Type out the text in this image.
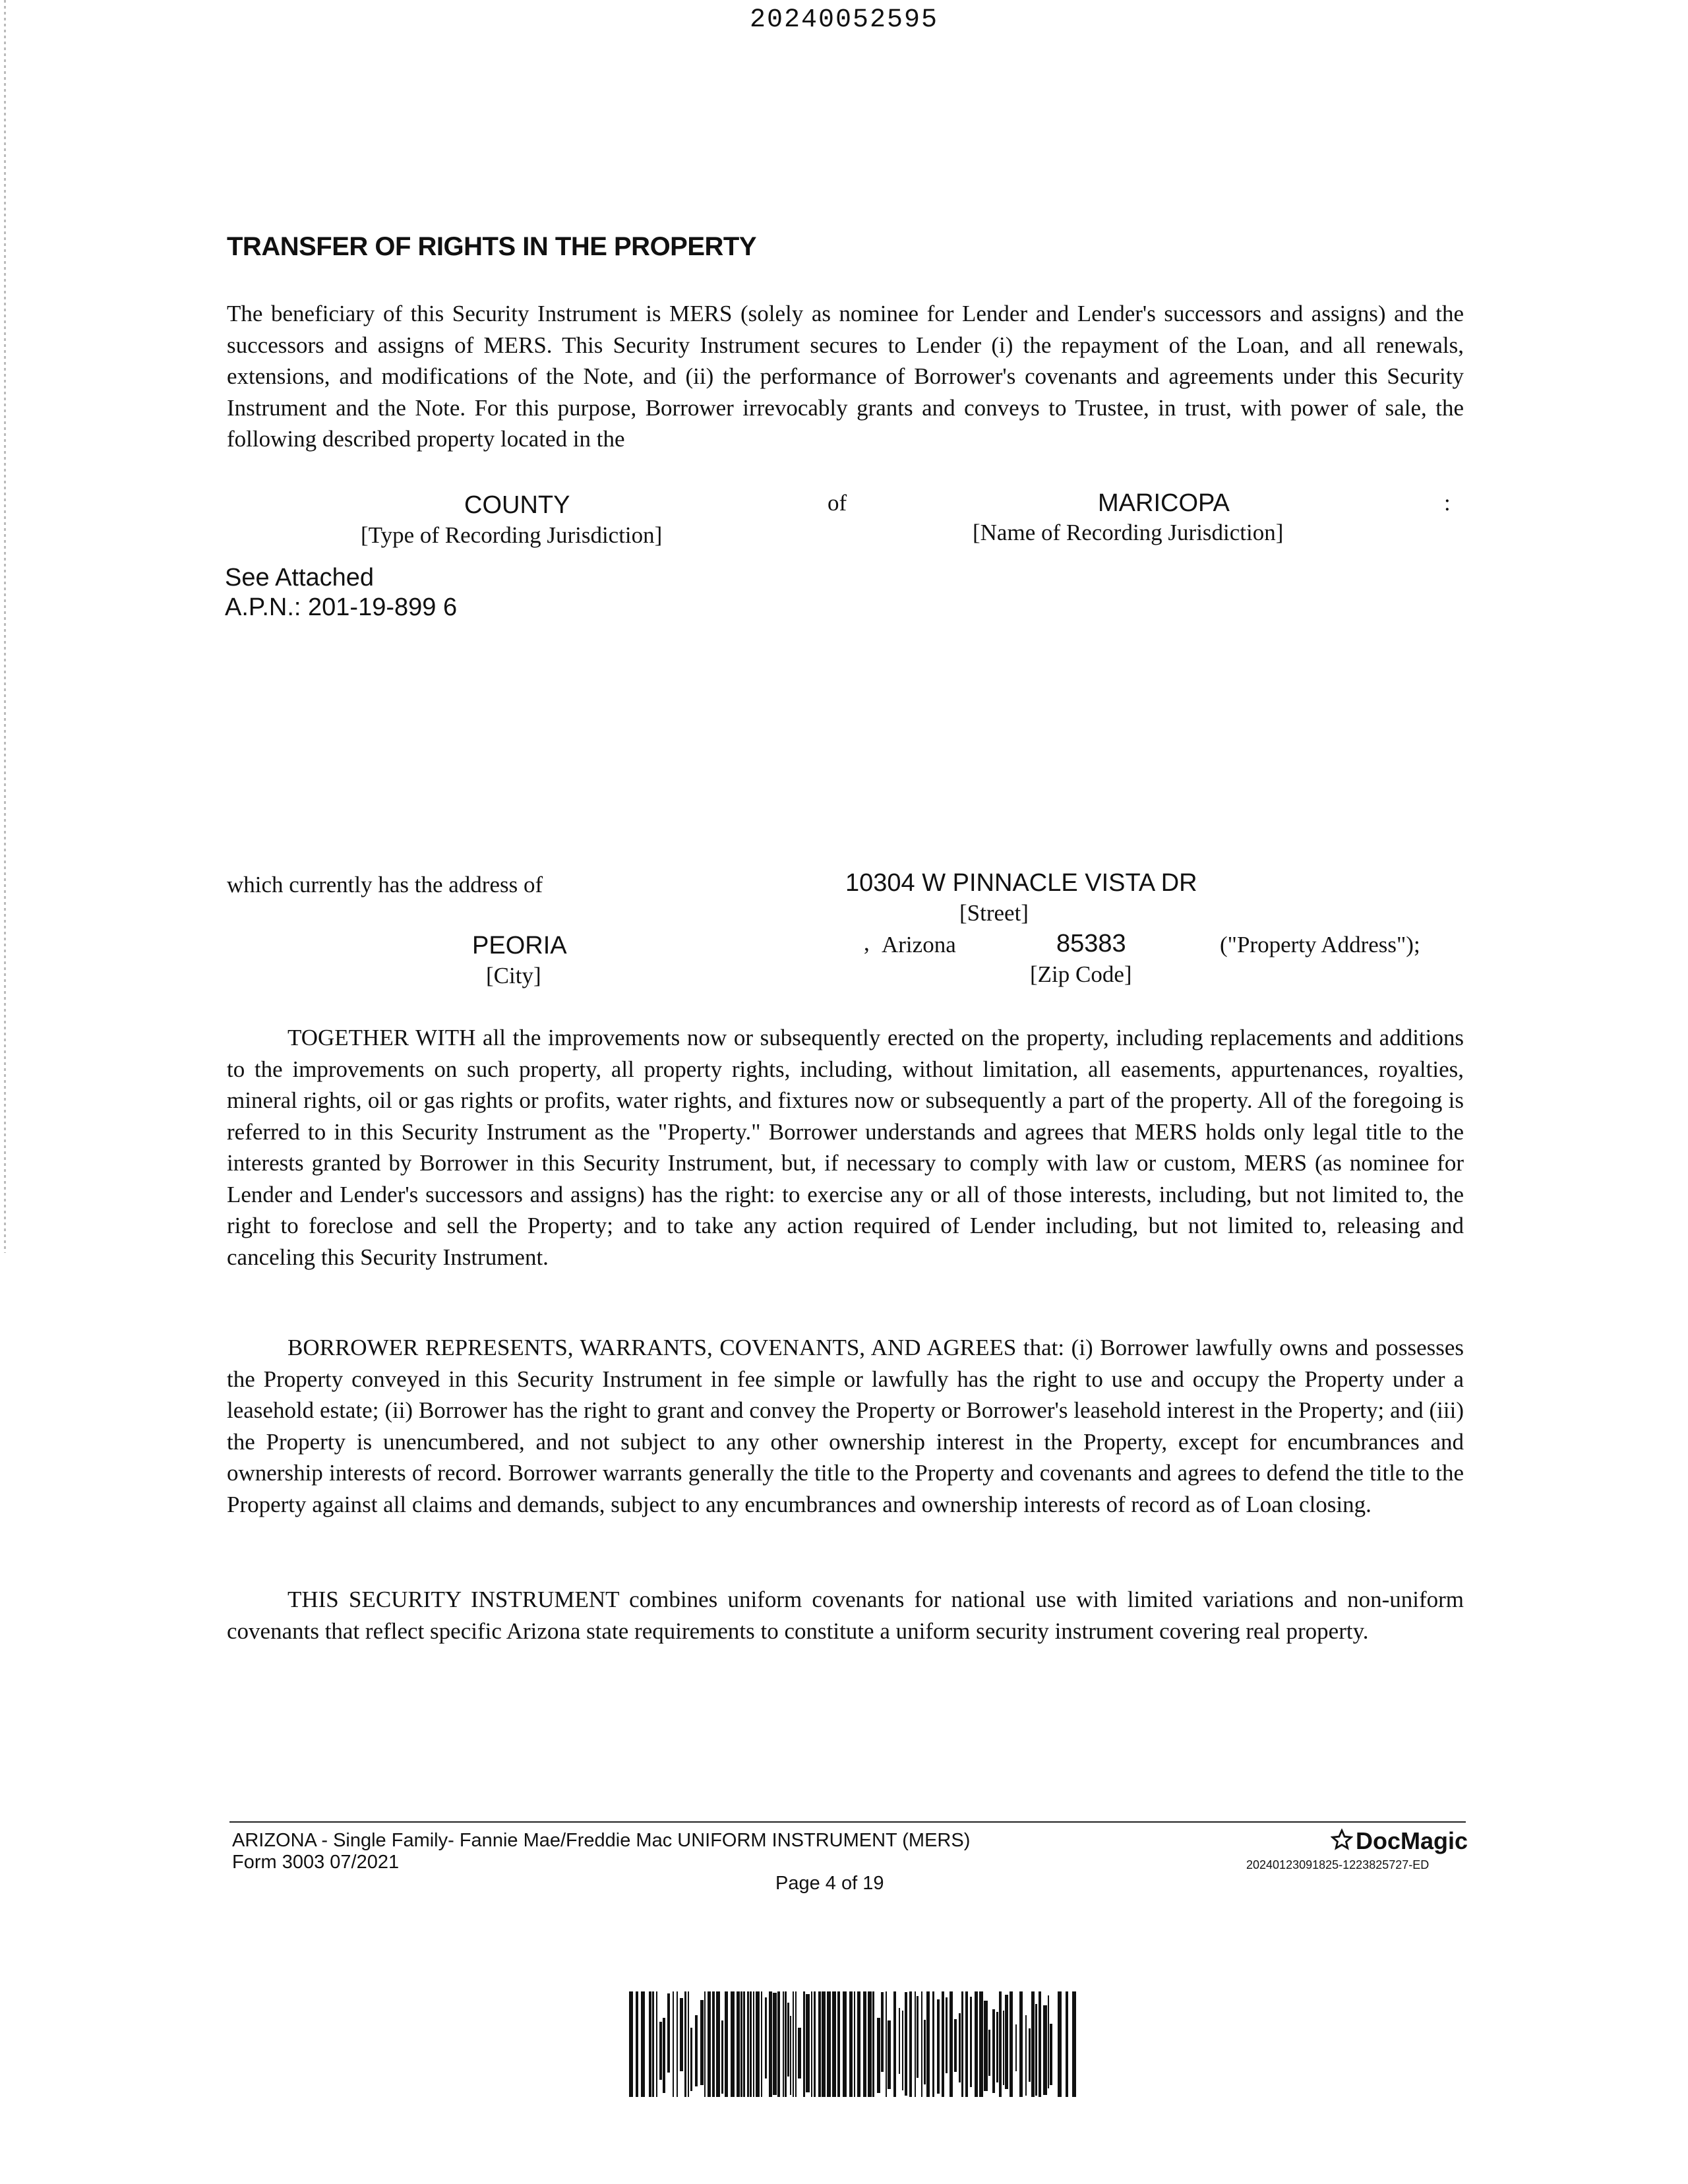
20240052595
TRANSFER OF RIGHTS IN THE PROPERTY

The beneficiary of this Security Instrument is MERS (solely as nominee for Lender and Lender's successors and assigns) and the successors and assigns of MERS. This Security Instrument secures to Lender (i) the repayment of the Loan, and all renewals, extensions, and modifications of the Note, and (ii) the performance of Borrower's covenants and agreements under this Security Instrument and the Note. For this purpose, Borrower irrevocably grants and conveys to Trustee, in trust, with power of sale, the following described property located in the

COUNTY
[Type of Recording Jurisdiction]
of	MARICOPA
[Name of Recording Jurisdiction]
:
See Attached
A.P.N.: 201-19-899 6
which currently has the address of	10304 W PINNACLE VISTA DR
[Street]
PEORIA
[City]
, Arizona	85383
[Zip Code]
("Property Address");

TOGETHER WITH all the improvements now or subsequently erected on the property, including replacements and additions to the improvements on such property, all property rights, including, without limitation, all easements, appurtenances, royalties, mineral rights, oil or gas rights or profits, water rights, and fixtures now or subsequently a part of the property. All of the foregoing is referred to in this Security Instrument as the "Property." Borrower understands and agrees that MERS holds only legal title to the interests granted by Borrower in this Security Instrument, but, if necessary to comply with law or custom, MERS (as nominee for Lender and Lender's successors and assigns) has the right: to exercise any or all of those interests, including, but not limited to, the right to foreclose and sell the Property; and to take any action required of Lender including, but not limited to, releasing and canceling this Security Instrument.

BORROWER REPRESENTS, WARRANTS, COVENANTS, AND AGREES that: (i) Borrower lawfully owns and possesses the Property conveyed in this Security Instrument in fee simple or lawfully has the right to use and occupy the Property under a leasehold estate; (ii) Borrower has the right to grant and convey the Property or Borrower's leasehold interest in the Property; and (iii) the Property is unencumbered, and not subject to any other ownership interest in the Property, except for encumbrances and ownership interests of record. Borrower warrants generally the title to the Property and covenants and agrees to defend the title to the Property against all claims and demands, subject to any encumbrances and ownership interests of record as of Loan closing.

THIS SECURITY INSTRUMENT combines uniform covenants for national use with limited variations and non-uniform covenants that reflect specific Arizona state requirements to constitute a uniform security instrument covering real property.

ARIZONA - Single Family- Fannie Mae/Freddie Mac UNIFORM INSTRUMENT (MERS)
Form 3003 07/2021
Page 4 of 19
DocMagic
20240123091825-1223825727-ED
